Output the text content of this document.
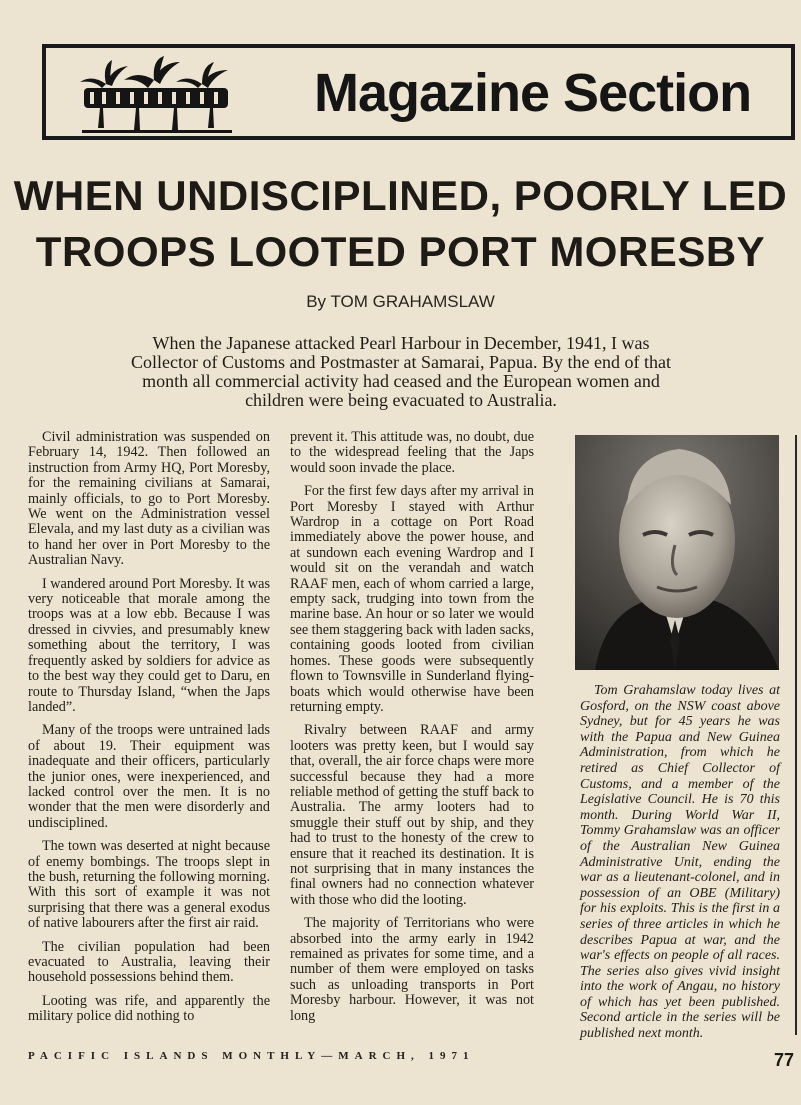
Magazine Section
WHEN UNDISCIPLINED, POORLY LED
TROOPS LOOTED PORT MORESBY
By TOM GRAHAMSLAW
When the Japanese attacked Pearl Harbour in December, 1941, I was Collector of Customs and Postmaster at Samarai, Papua. By the end of that month all commercial activity had ceased and the European women and children were being evacuated to Australia.

Civil administration was suspended on February 14, 1942. Then followed an instruction from Army HQ, Port Moresby, for the remaining civilians at Samarai, mainly officials, to go to Port Moresby. We went on the Administration vessel Elevala, and my last duty as a civilian was to hand her over in Port Moresby to the Australian Navy.

I wandered around Port Moresby. It was very noticeable that morale among the troops was at a low ebb. Because I was dressed in civvies, and presumably knew something about the territory, I was frequently asked by soldiers for advice as to the best way they could get to Daru, en route to Thursday Island, “when the Japs landed”.

Many of the troops were untrained lads of about 19. Their equipment was inadequate and their officers, particularly the junior ones, were inexperienced, and lacked control over the men. It is no wonder that the men were disorderly and undisciplined.

The town was deserted at night because of enemy bombings. The troops slept in the bush, returning the following morning. With this sort of example it was not surprising that there was a general exodus of native labourers after the first air raid.

The civilian population had been evacuated to Australia, leaving their household possessions behind them.

Looting was rife, and apparently the military police did nothing to

prevent it. This attitude was, no doubt, due to the widespread feeling that the Japs would soon invade the place.

For the first few days after my arrival in Port Moresby I stayed with Arthur Wardrop in a cottage on Port Road immediately above the power house, and at sundown each evening Wardrop and I would sit on the verandah and watch RAAF men, each of whom carried a large, empty sack, trudging into town from the marine base. An hour or so later we would see them staggering back with laden sacks, containing goods looted from civilian homes. These goods were subsequently flown to Townsville in Sunderland flying-boats which would otherwise have been returning empty.

Rivalry between RAAF and army looters was pretty keen, but I would say that, overall, the air force chaps were more successful because they had a more reliable method of getting the stuff back to Australia. The army looters had to smuggle their stuff out by ship, and they had to trust to the honesty of the crew to ensure that it reached its destination. It is not surprising that in many instances the final owners had no connection whatever with those who did the looting.

The majority of Territorians who were absorbed into the army early in 1942 remained as privates for some time, and a number of them were employed on tasks such as unloading transports in Port Moresby harbour. However, it was not long

Tom Grahamslaw today lives at Gosford, on the NSW coast above Sydney, but for 45 years he was with the Papua and New Guinea Administration, from which he retired as Chief Collector of Customs, and a member of the Legislative Council. He is 70 this month. During World War II, Tommy Grahamslaw was an officer of the Australian New Guinea Administrative Unit, ending the war as a lieutenant-colonel, and in possession of an OBE (Military) for his exploits. This is the first in a series of three articles in which he describes Papua at war, and the war's effects on people of all races. The series also gives vivid insight into the work of Angau, no history of which has yet been published. Second article in the series will be published next month.
PACIFIC ISLANDS MONTHLY—MARCH, 1971	77
